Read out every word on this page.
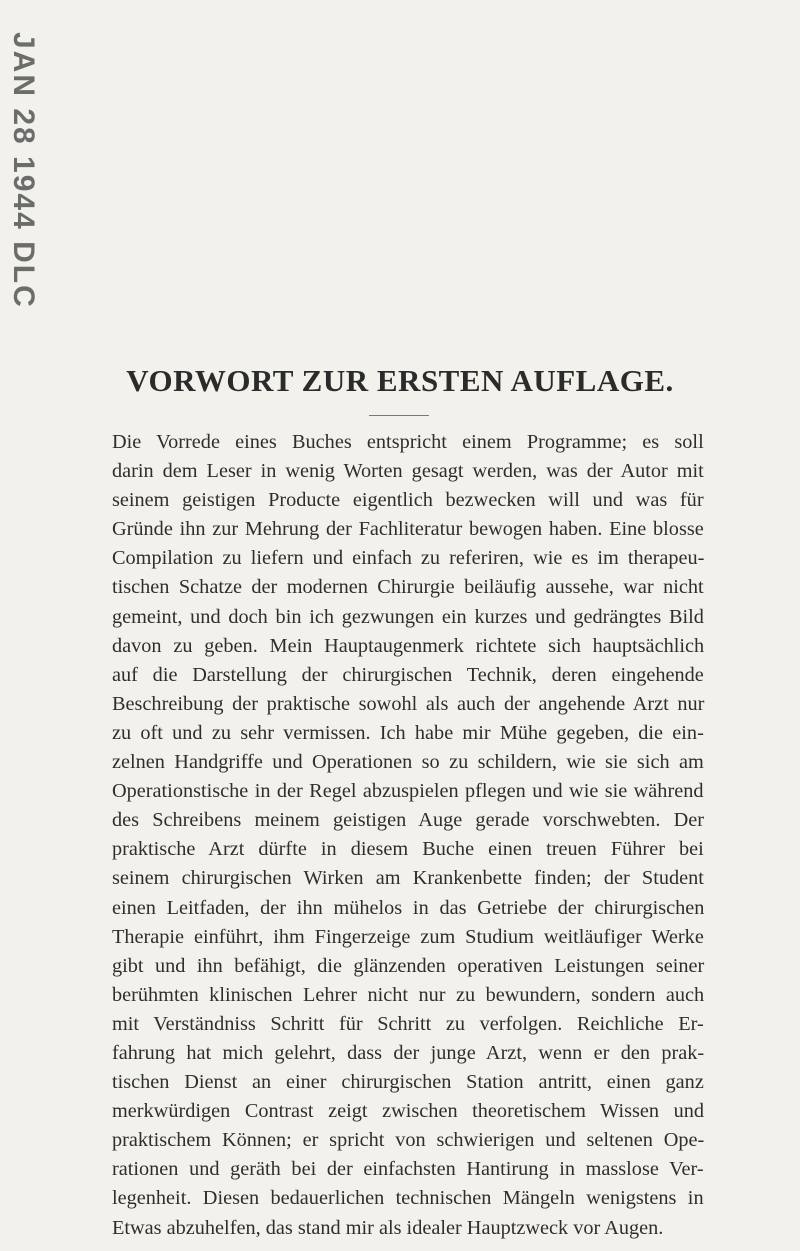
JAN 28 1944 DLC
VORWORT ZUR ERSTEN AUFLAGE.
Die Vorrede eines Buches entspricht einem Programme; es soll
darin dem Leser in wenig Worten gesagt werden, was der Autor mit
seinem geistigen Producte eigentlich bezwecken will und was für
Gründe ihn zur Mehrung der Fachliteratur bewogen haben. Eine blosse
Compilation zu liefern und einfach zu referiren, wie es im therapeu-
tischen Schatze der modernen Chirurgie beiläufig aussehe, war nicht
gemeint, und doch bin ich gezwungen ein kurzes und gedrängtes Bild
davon zu geben. Mein Hauptaugenmerk richtete sich hauptsächlich
auf die Darstellung der chirurgischen Technik, deren eingehende
Beschreibung der praktische sowohl als auch der angehende Arzt nur
zu oft und zu sehr vermissen. Ich habe mir Mühe gegeben, die ein-
zelnen Handgriffe und Operationen so zu schildern, wie sie sich am
Operationstische in der Regel abzuspielen pflegen und wie sie während
des Schreibens meinem geistigen Auge gerade vorschwebten. Der
praktische Arzt dürfte in diesem Buche einen treuen Führer bei
seinem chirurgischen Wirken am Krankenbette finden; der Student
einen Leitfaden, der ihn mühelos in das Getriebe der chirurgischen
Therapie einführt, ihm Fingerzeige zum Studium weitläufiger Werke
gibt und ihn befähigt, die glänzenden operativen Leistungen seiner
berühmten klinischen Lehrer nicht nur zu bewundern, sondern auch
mit Verständniss Schritt für Schritt zu verfolgen. Reichliche Er-
fahrung hat mich gelehrt, dass der junge Arzt, wenn er den prak-
tischen Dienst an einer chirurgischen Station antritt, einen ganz
merkwürdigen Contrast zeigt zwischen theoretischem Wissen und
praktischem Können; er spricht von schwierigen und seltenen Ope-
rationen und geräth bei der einfachsten Hantirung in masslose Ver-
legenheit. Diesen bedauerlichen technischen Mängeln wenigstens in
Etwas abzuhelfen, das stand mir als idealer Hauptzweck vor Augen.
